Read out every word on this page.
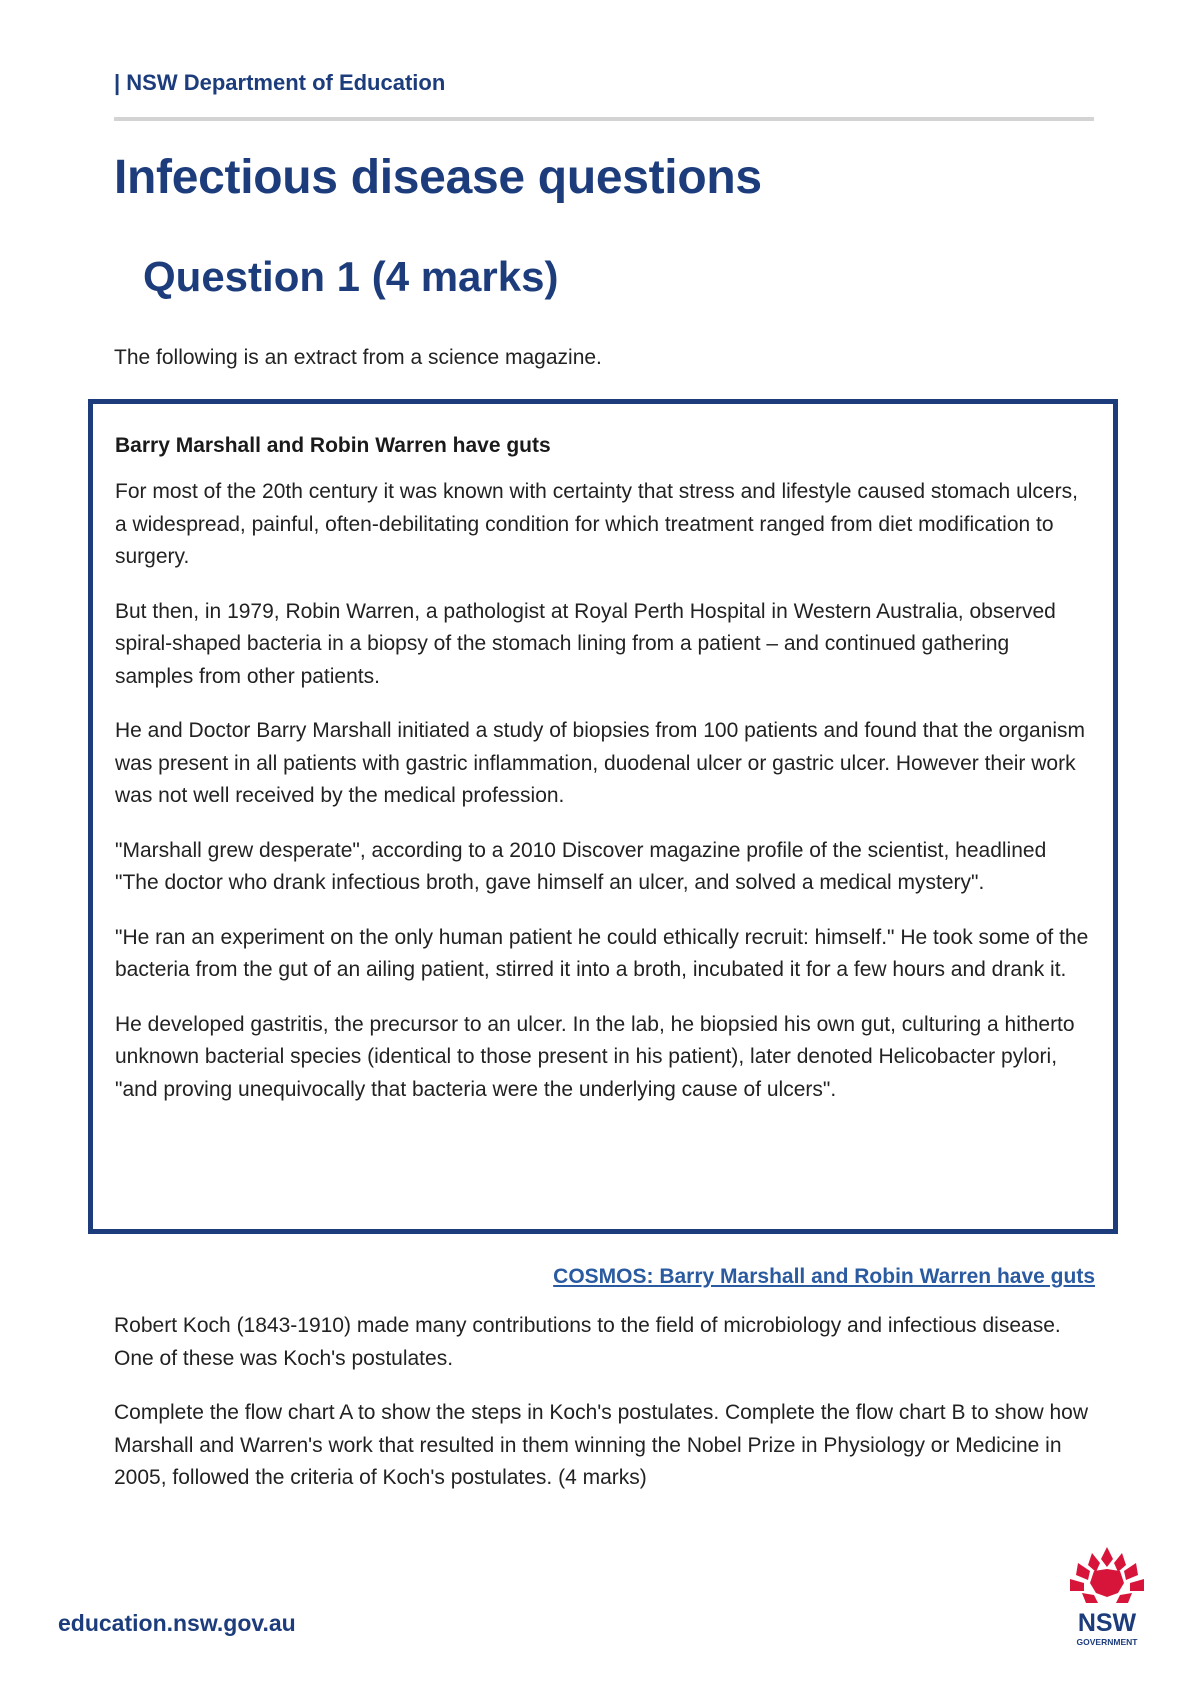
| NSW Department of Education
Infectious disease questions
Question 1 (4 marks)

The following is an extract from a science magazine.

Barry Marshall and Robin Warren have guts

For most of the 20th century it was known with certainty that stress and lifestyle caused stomach ulcers, a widespread, painful, often-debilitating condition for which treatment ranged from diet modification to surgery.

But then, in 1979, Robin Warren, a pathologist at Royal Perth Hospital in Western Australia, observed spiral-shaped bacteria in a biopsy of the stomach lining from a patient – and continued gathering samples from other patients.

He and Doctor Barry Marshall initiated a study of biopsies from 100 patients and found that the organism was present in all patients with gastric inflammation, duodenal ulcer or gastric ulcer. However their work was not well received by the medical profession.

"Marshall grew desperate", according to a 2010 Discover magazine profile of the scientist, headlined "The doctor who drank infectious broth, gave himself an ulcer, and solved a medical mystery".

"He ran an experiment on the only human patient he could ethically recruit: himself." He took some of the bacteria from the gut of an ailing patient, stirred it into a broth, incubated it for a few hours and drank it.

He developed gastritis, the precursor to an ulcer. In the lab, he biopsied his own gut, culturing a hitherto unknown bacterial species (identical to those present in his patient), later denoted Helicobacter pylori, "and proving unequivocally that bacteria were the underlying cause of ulcers".

COSMOS: Barry Marshall and Robin Warren have guts

Robert Koch (1843-1910) made many contributions to the field of microbiology and infectious disease. One of these was Koch's postulates.

Complete the flow chart A to show the steps in Koch's postulates. Complete the flow chart B to show how Marshall and Warren's work that resulted in them winning the Nobel Prize in Physiology or Medicine in 2005, followed the criteria of Koch's postulates. (4 marks)

education.nsw.gov.au	NSW
GOVERNMENT
